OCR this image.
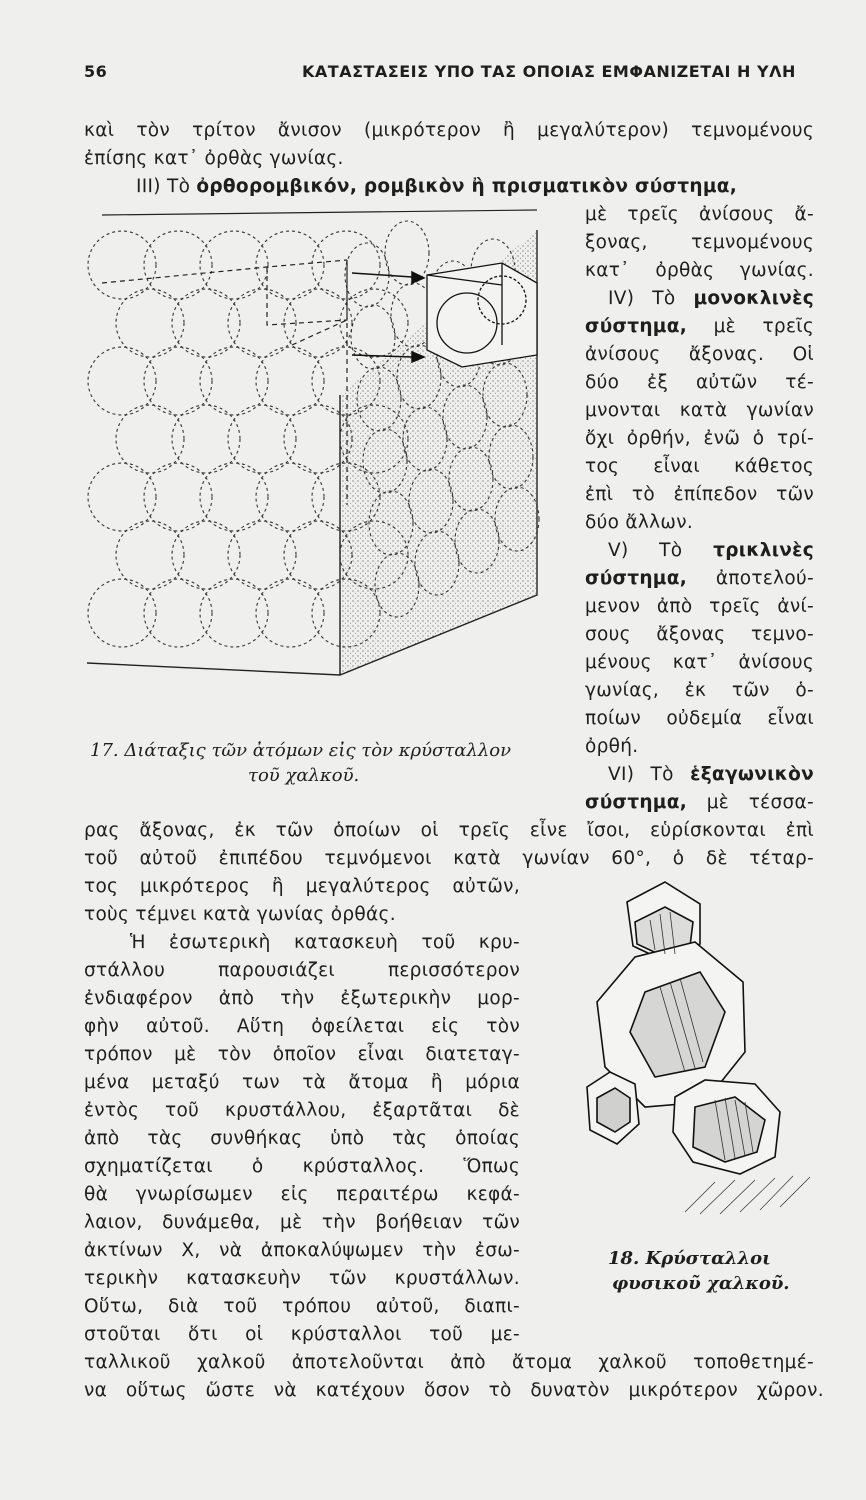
56	ΚΑΤΑΣΤΑΣΕΙΣ ΥΠΟ ΤΑΣ ΟΠΟΙΑΣ ΕΜΦΑΝΙΖΕΤΑΙ Η ΥΛΗ
καὶ τὸν τρίτον ἄνισον (μικρότερον ἢ μεγαλύτερον) τεμνομένους
ἐπίσης κατ᾽ ὀρθὰς γωνίας.
ΙΙΙ) Τὸ ὀρθορομβικόν, ρομβικὸν ἢ πρισματικὸν σύστημα,
μὲ τρεῖς ἀνίσους ἄ-
ξονας, τεμνομένους
κατ᾽ ὀρθὰς γωνίας.
ΙV) Τὸ μονοκλινὲς
σύστημα, μὲ τρεῖς
ἀνίσους ἄξονας. Οἱ
δύο ἐξ αὐτῶν τέ-
μνονται κατὰ γωνίαν
ὄχι ὀρθήν, ἐνῶ ὁ τρί-
τος εἶναι κάθετος
ἐπὶ τὸ ἐπίπεδον τῶν
δύο ἄλλων.
V) Τὸ τρικλινὲς
σύστημα, ἀποτελού-
μενον ἀπὸ τρεῖς ἀνί-
σους ἄξονας τεμνο-
μένους κατ᾽ ἀνίσους
γωνίας, ἐκ τῶν ὁ-
ποίων οὐδεμία εἶναι
ὀρθή.
VI) Τὸ ἑξαγωνικὸν
σύστημα, μὲ τέσσα-
ρας ἄξονας, ἐκ τῶν ὁποίων οἱ τρεῖς εἶνε ἴσοι, εὑρίσκονται ἐπὶ
τοῦ αὐτοῦ ἐπιπέδου τεμνόμενοι κατὰ γωνίαν 60°, ὁ δὲ τέταρ-
τος μικρότερος ἢ μεγαλύτερος αὐτῶν,
τοὺς τέμνει κατὰ γωνίας ὀρθάς.
Ἡ ἐσωτερικὴ κατασκευὴ τοῦ κρυ-
στάλλου παρουσιάζει περισσότερον
ἐνδιαφέρον ἀπὸ τὴν ἐξωτερικὴν μορ-
φὴν αὐτοῦ. Αὕτη ὀφείλεται εἰς τὸν
τρόπον μὲ τὸν ὁποῖον εἶναι διατεταγ-
μένα μεταξύ των τὰ ἄτομα ἢ μόρια
ἐντὸς τοῦ κρυστάλλου, ἐξαρτᾶται δὲ
ἀπὸ τὰς συνθήκας ὑπὸ τὰς ὁποίας
σχηματίζεται ὁ κρύσταλλος. Ὅπως
θὰ γνωρίσωμεν εἰς περαιτέρω κεφά-
λαιον, δυνάμεθα, μὲ τὴν βοήθειαν τῶν
ἀκτίνων Χ, νὰ ἀποκαλύψωμεν τὴν ἐσω-
τερικὴν κατασκευὴν τῶν κρυστάλλων.
Οὕτω, διὰ τοῦ τρόπου αὐτοῦ, διαπι-
στοῦται ὅτι οἱ κρύσταλλοι τοῦ με-
ταλλικοῦ χαλκοῦ ἀποτελοῦνται ἀπὸ ἄτομα χαλκοῦ τοποθετημέ-
να οὕτως ὥστε νὰ κατέχουν ὅσον τὸ δυνατὸν μικρότερον χῶρον.
17. Διάταξις τῶν ἀτόμων εἰς τὸν κρύσταλλον
τοῦ χαλκοῦ.
18. Κρύσταλλοι
φυσικοῦ χαλκοῦ.
